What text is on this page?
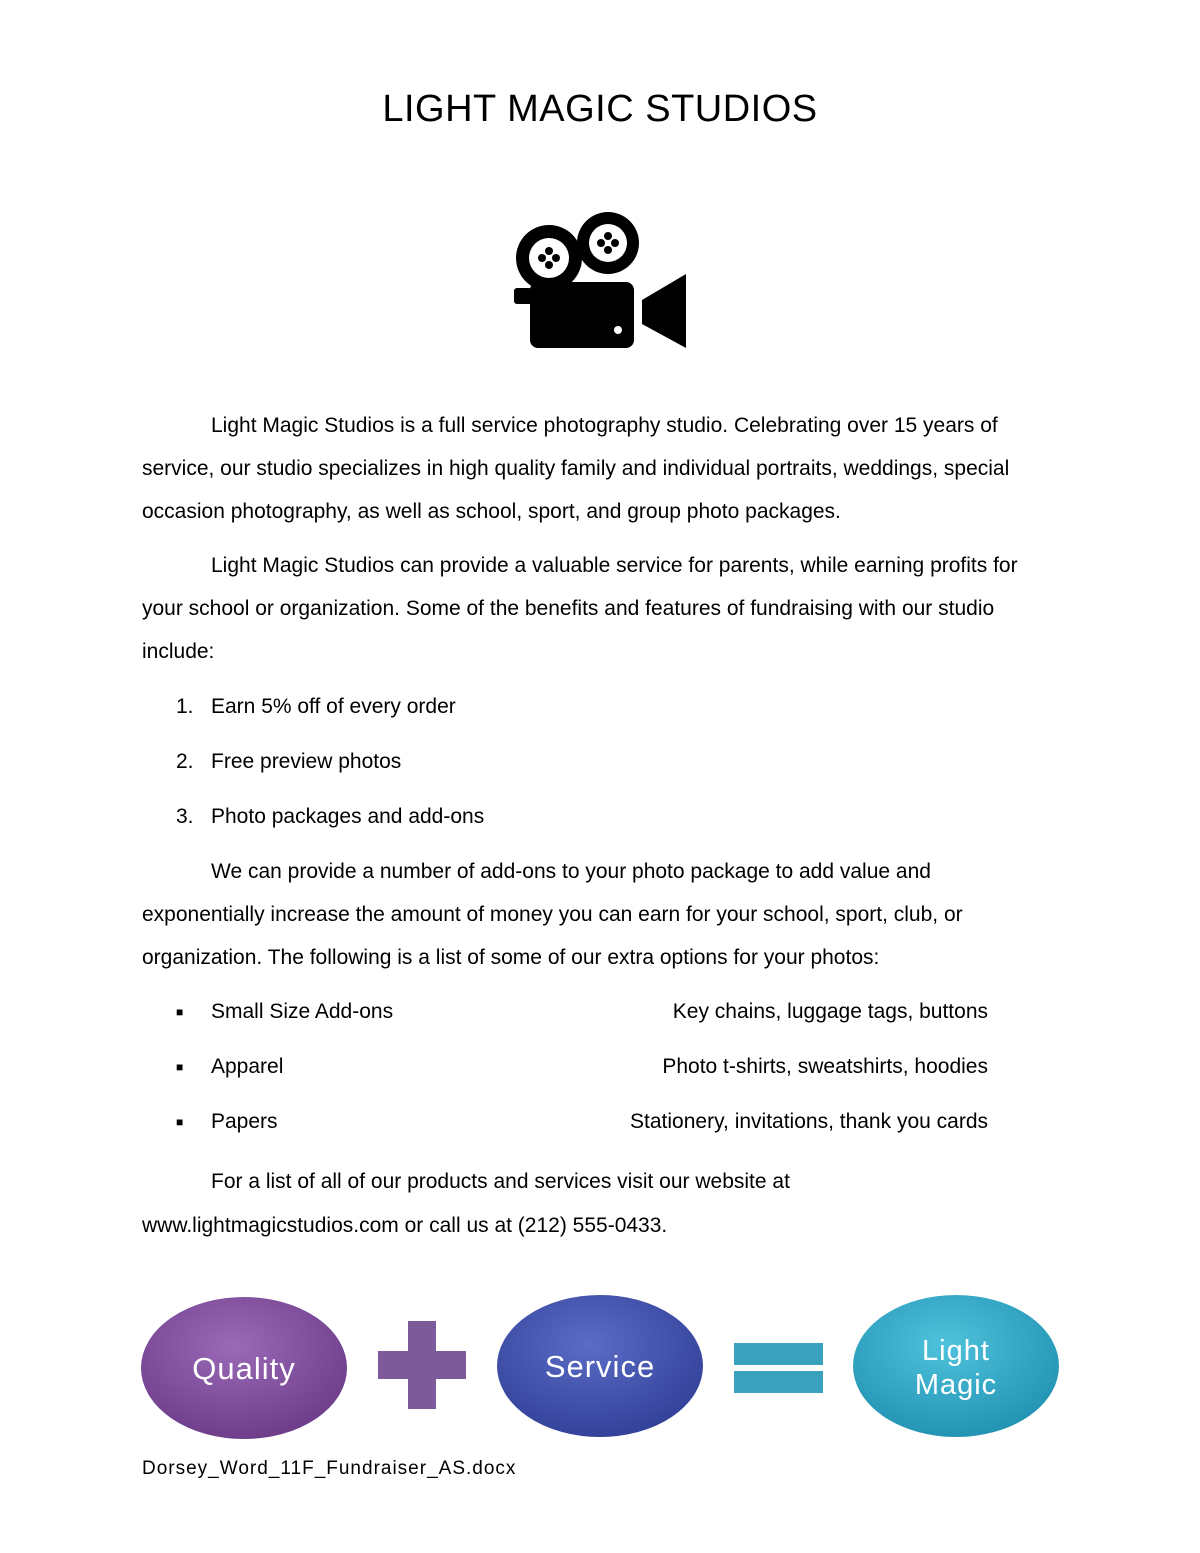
LIGHT MAGIC STUDIOS

Light Magic Studios is a full service photography studio. Celebrating over 15 years of service, our studio specializes in high quality family and individual portraits, weddings, special occasion photography, as well as school, sport, and group photo packages.

Light Magic Studios can provide a valuable service for parents, while earning profits for your school or organization. Some of the benefits and features of fundraising with our studio include:

1. Earn 5% off of every order
2. Free preview photos
3. Photo packages and add-ons

We can provide a number of add-ons to your photo package to add value and exponentially increase the amount of money you can earn for your school, sport, club, or organization. The following is a list of some of our extra options for your photos:

■ Small Size Add-ons	Key chains, luggage tags, buttons
■ Apparel	Photo t-shirts, sweatshirts, hoodies
■ Papers	Stationery, invitations, thank you cards

For a list of all of our products and services visit our website at
www.lightmagicstudios.com or call us at (212) 555-0433.

Quality	Service	Light
Magic
Dorsey_Word_11F_Fundraiser_AS.docx
